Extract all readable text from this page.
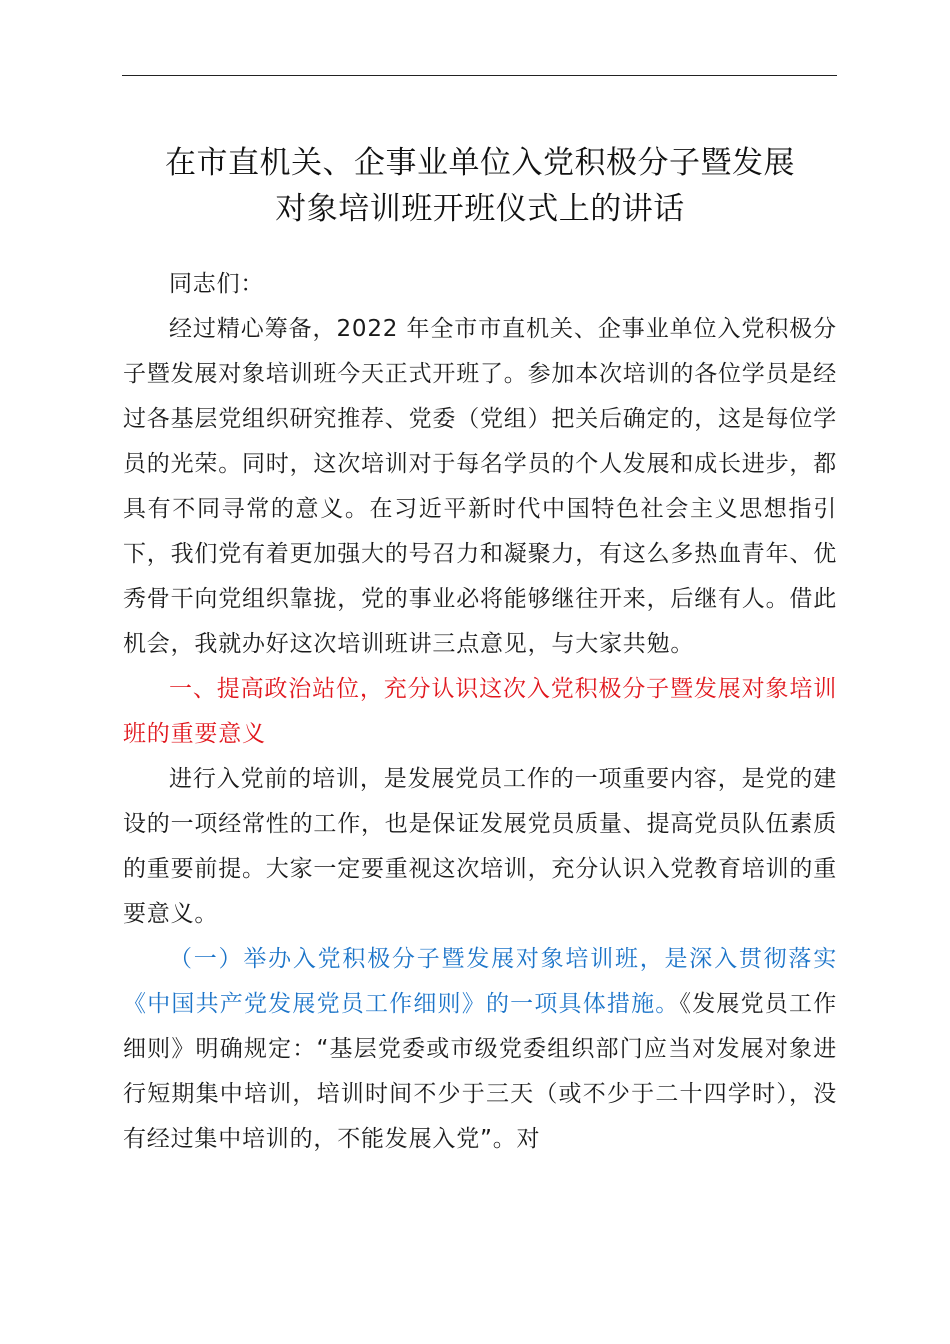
在市直机关、企事业单位入党积极分子暨发展
对象培训班开班仪式上的讲话

同志们：

经过精心筹备，2022 年全市市直机关、企事业单位入党积极分子暨发展对象培训班今天正式开班了。参加本次培训的各位学员是经过各基层党组织研究推荐、党委（党组）把关后确定的，这是每位学员的光荣。同时，这次培训对于每名学员的个人发展和成长进步，都具有不同寻常的意义。在习近平新时代中国特色社会主义思想指引下，我们党有着更加强大的号召力和凝聚力，有这么多热血青年、优秀骨干向党组织靠拢，党的事业必将能够继往开来，后继有人。借此机会，我就办好这次培训班讲三点意见，与大家共勉。

一、提高政治站位，充分认识这次入党积极分子暨发展对象培训班的重要意义

进行入党前的培训，是发展党员工作的一项重要内容，是党的建设的一项经常性的工作，也是保证发展党员质量、提高党员队伍素质的重要前提。大家一定要重视这次培训，充分认识入党教育培训的重要意义。

（一）举办入党积极分子暨发展对象培训班，是深入贯彻落实《中国共产党发展党员工作细则》的一项具体措施。《发展党员工作细则》明确规定：“基层党委或市级党委组织部门应当对发展对象进行短期集中培训，培训时间不少于三天（或不少于二十四学时），没有经过集中培训的，不能发展入党”。对
